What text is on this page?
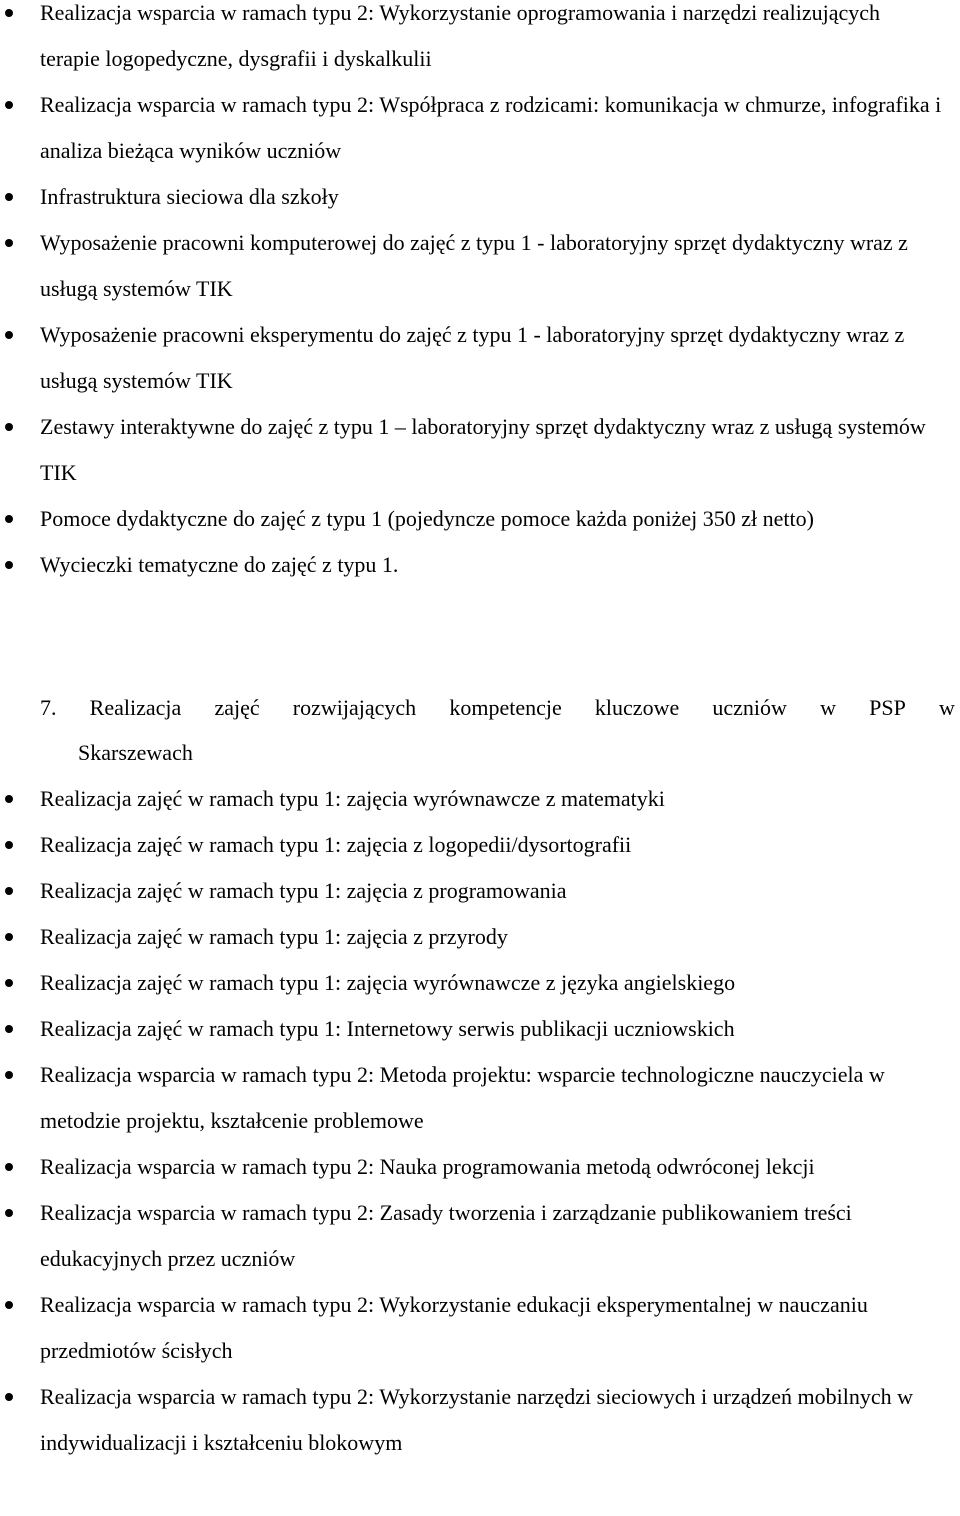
Realizacja wsparcia w ramach typu 2: Wykorzystanie oprogramowania i narzędzi realizujących terapie logopedyczne, dysgrafii i dyskalkulii
Realizacja wsparcia w ramach typu 2: Współpraca z rodzicami: komunikacja w chmurze, infografika i analiza bieżąca wyników uczniów
Infrastruktura sieciowa dla szkoły
Wyposażenie pracowni komputerowej do zajęć z typu 1 - laboratoryjny sprzęt dydaktyczny wraz z usługą systemów TIK
Wyposażenie pracowni eksperymentu do zajęć z typu 1 - laboratoryjny sprzęt dydaktyczny wraz z usługą systemów TIK
Zestawy interaktywne do zajęć z typu 1 – laboratoryjny sprzęt dydaktyczny wraz z usługą systemów TIK
Pomoce dydaktyczne do zajęć z typu 1 (pojedyncze pomoce każda poniżej 350 zł netto)
Wycieczki tematyczne do zajęć z typu 1.
7. Realizacja zajęć rozwijających kompetencje kluczowe uczniów w PSP w
Skarszewach
Realizacja zajęć w ramach typu 1: zajęcia wyrównawcze z matematyki
Realizacja zajęć w ramach typu 1: zajęcia z logopedii/dysortografii
Realizacja zajęć w ramach typu 1: zajęcia z programowania
Realizacja zajęć w ramach typu 1: zajęcia z przyrody
Realizacja zajęć w ramach typu 1: zajęcia wyrównawcze z języka angielskiego
Realizacja zajęć w ramach typu 1: Internetowy serwis publikacji uczniowskich
Realizacja wsparcia w ramach typu 2: Metoda projektu: wsparcie technologiczne nauczyciela w metodzie projektu, kształcenie problemowe
Realizacja wsparcia w ramach typu 2: Nauka programowania metodą odwróconej lekcji
Realizacja wsparcia w ramach typu 2: Zasady tworzenia i zarządzanie publikowaniem treści edukacyjnych przez uczniów
Realizacja wsparcia w ramach typu 2: Wykorzystanie edukacji eksperymentalnej w nauczaniu przedmiotów ścisłych
Realizacja wsparcia w ramach typu 2: Wykorzystanie narzędzi sieciowych i urządzeń mobilnych w indywidualizacji i kształceniu blokowym
